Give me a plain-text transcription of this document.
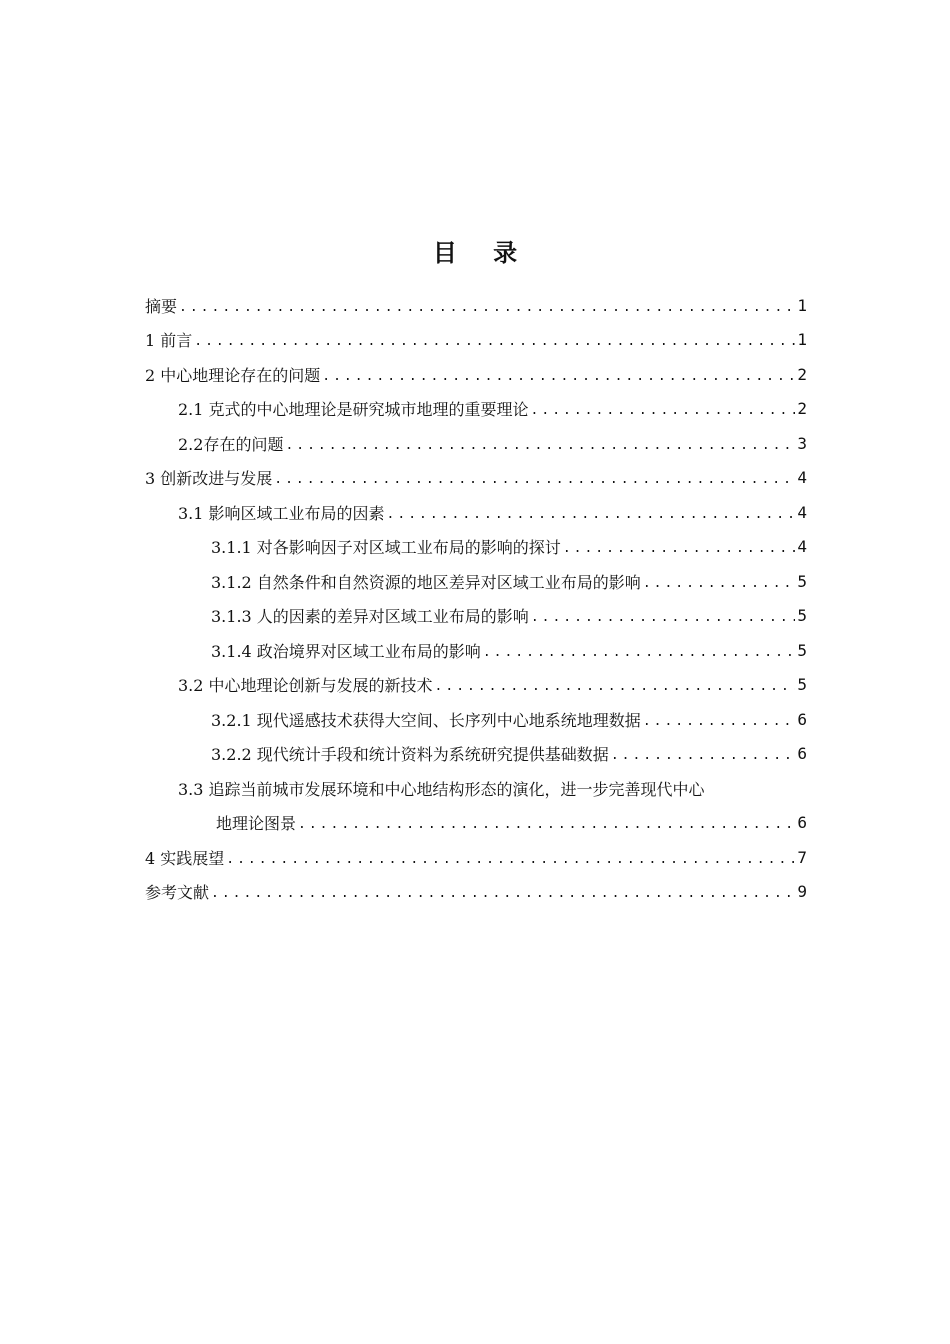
目 录
摘要 .....	1
1 前言 .....	1
2 中心地理论存在的问题 .....	2
2.1 克式的中心地理论是研究城市地理的重要理论 .....	2
2.2存在的问题 .....	3
3 创新改进与发展 .....	4
3.1 影响区域工业布局的因素 .....	4
3.1.1 对各影响因子对区域工业布局的影响的探讨 .....	4
3.1.2 自然条件和自然资源的地区差异对区域工业布局的影响 .....	5
3.1.3 人的因素的差异对区域工业布局的影响 .....	5
3.1.4 政治境界对区域工业布局的影响 .....	5
3.2 中心地理论创新与发展的新技术 .....	5
3.2.1 现代遥感技术获得大空间、长序列中心地系统地理数据 .....	6
3.2.2 现代统计手段和统计资料为系统研究提供基础数据 .....	6
3.3 追踪当前城市发展环境和中心地结构形态的演化，进一步完善现代中心
地理论图景 .....	6
4 实践展望 .....	7
参考文献 .....	9
